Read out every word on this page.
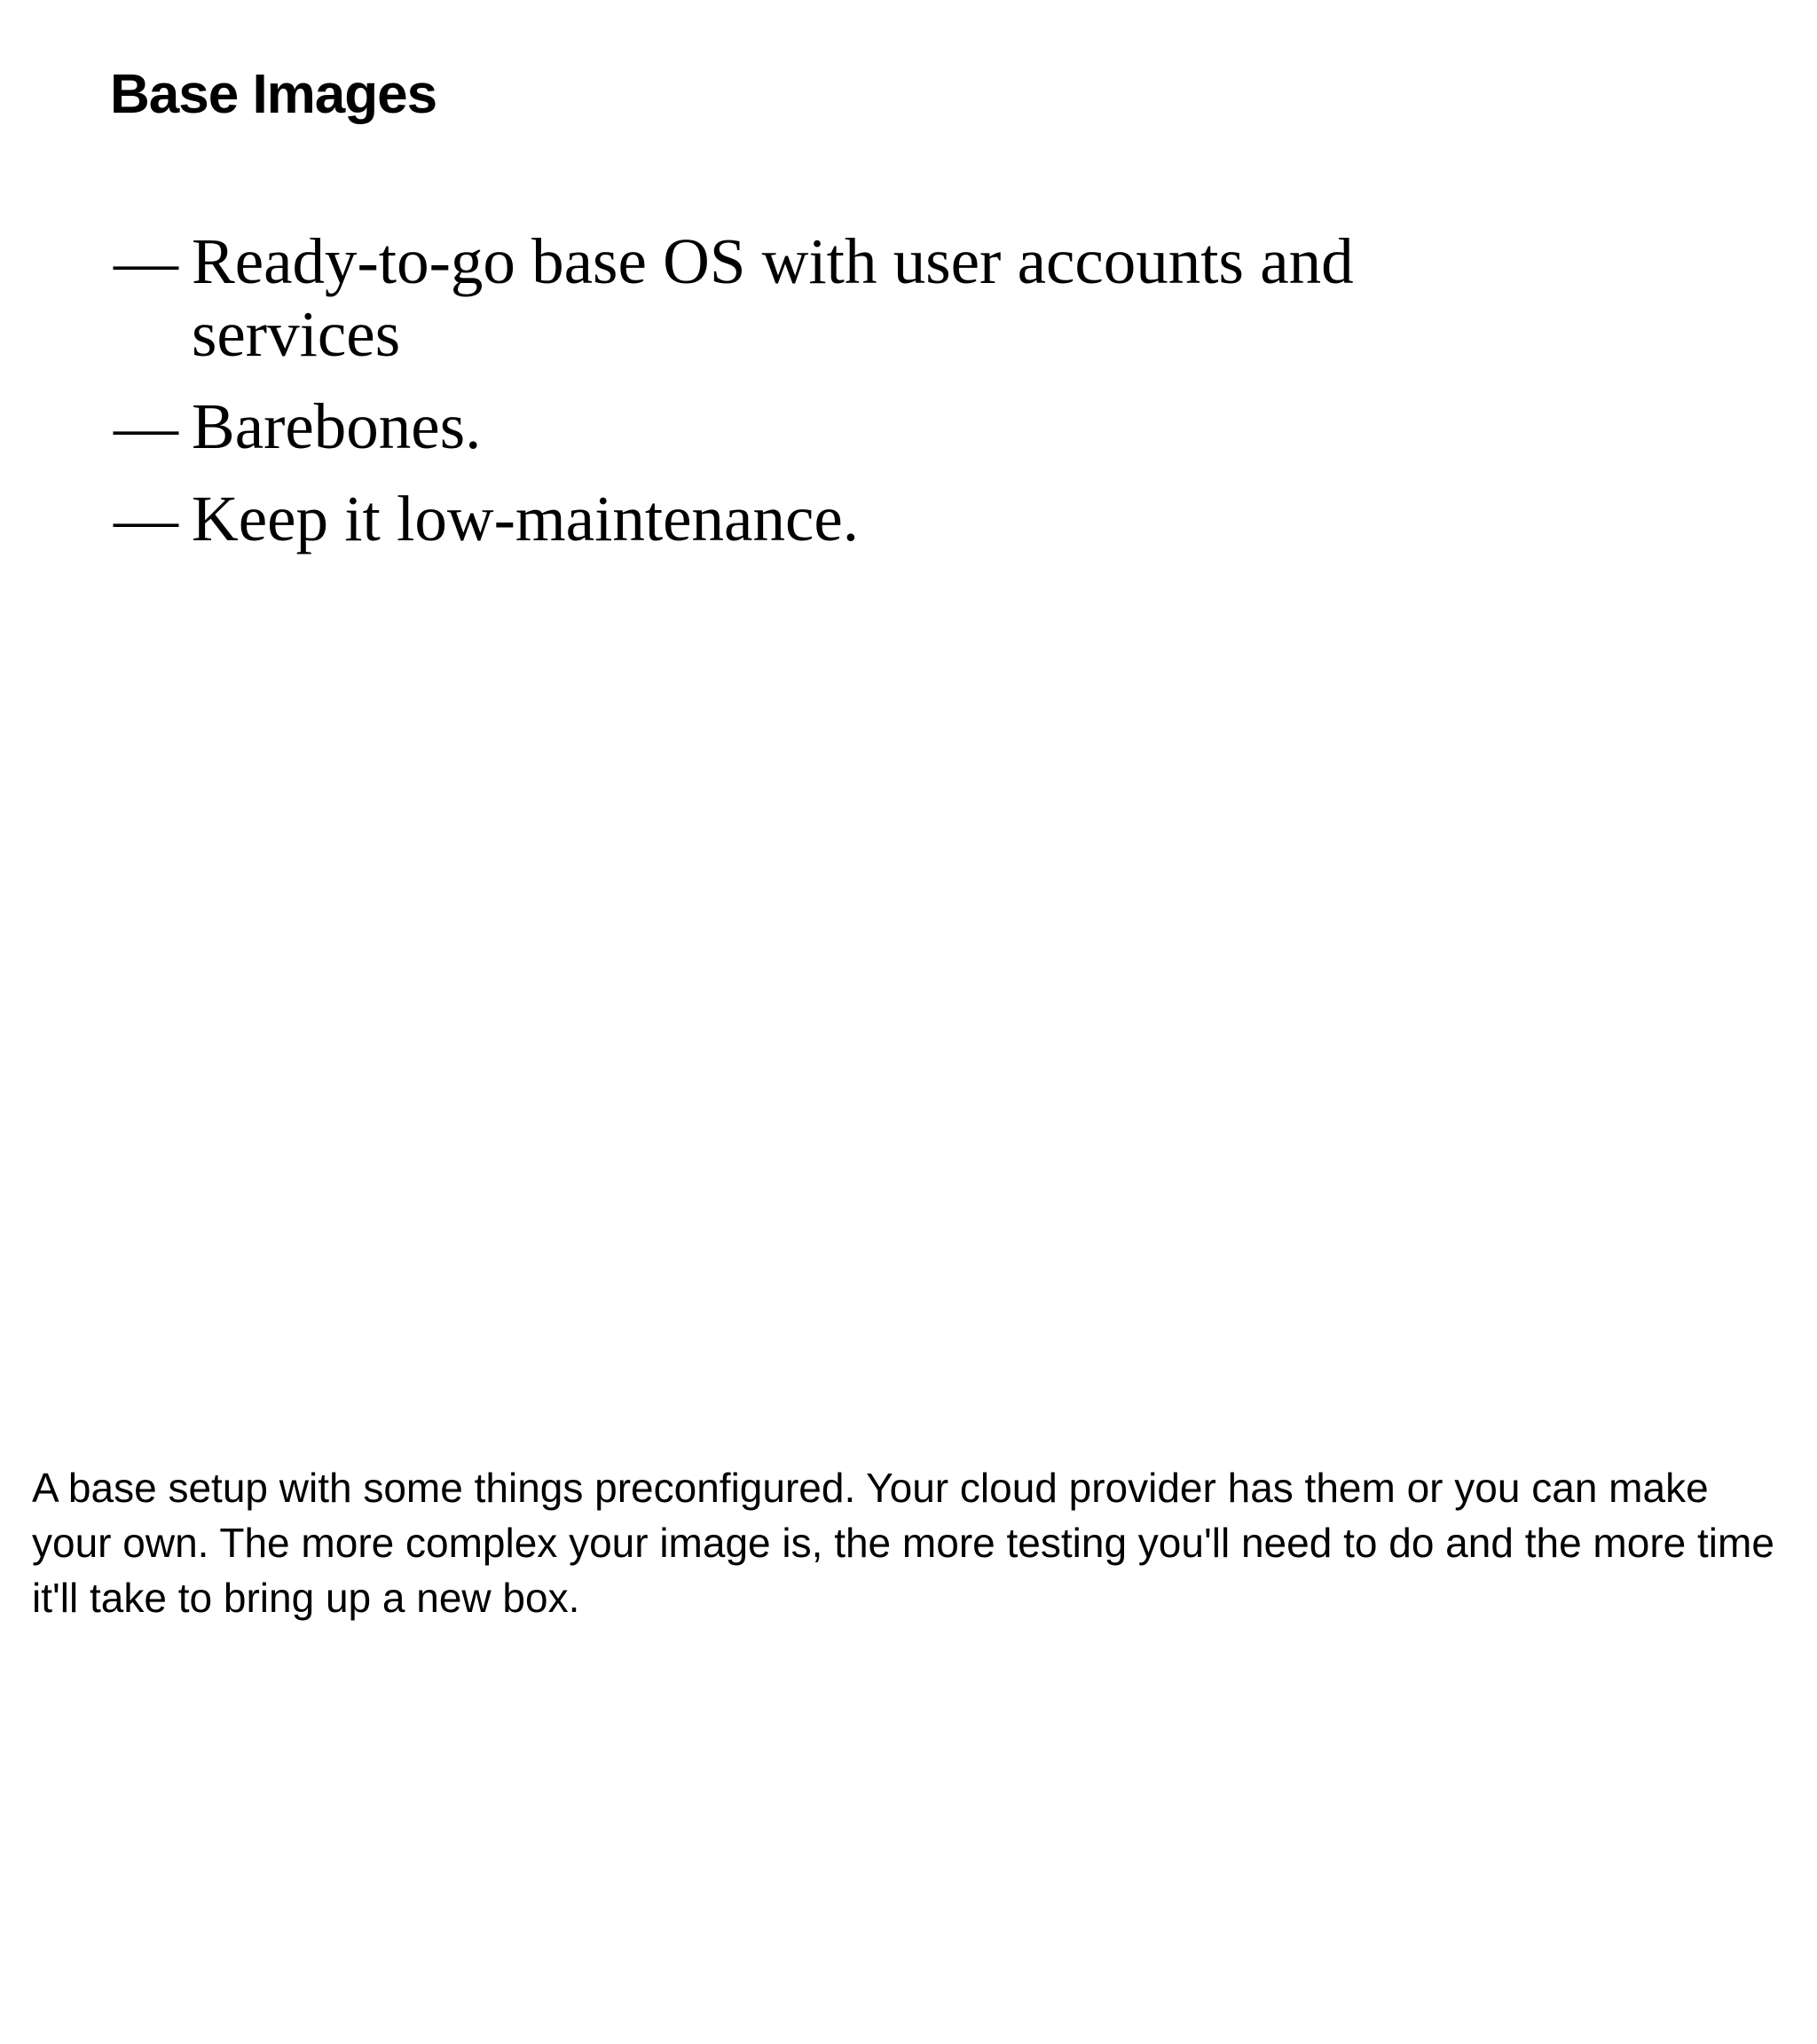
Base Images
— Ready-to-go base OS with user accounts and services
— Barebones.
— Keep it low-maintenance.

A base setup with some things preconfigured. Your cloud provider has them or you can make your own. The more complex your image is, the more testing you'll need to do and the more time it'll take to bring up a new box.
